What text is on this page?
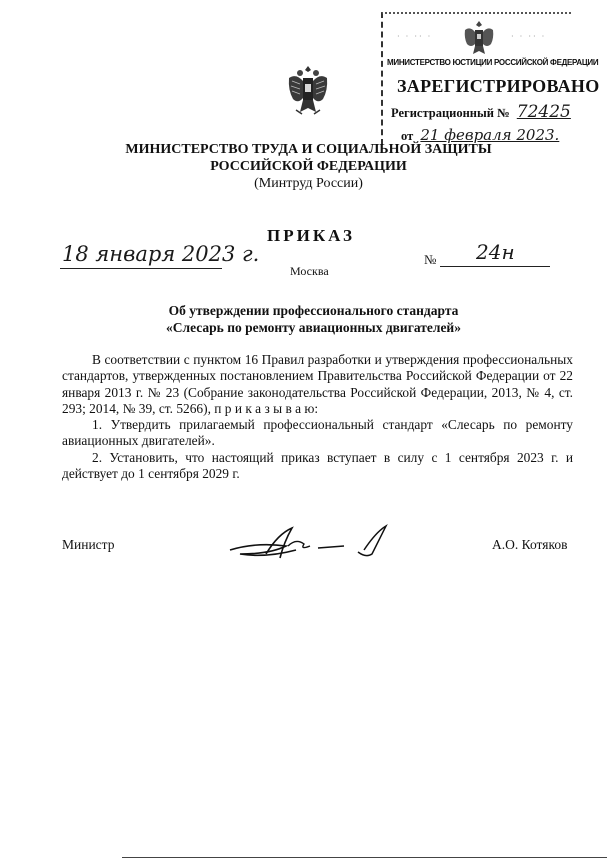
· · ·· ·	· · ·· ·
МИНИСТЕРСТВО ЮСТИЦИИ РОССИЙСКОЙ ФЕДЕРАЦИИ
ЗАРЕГИСТРИРОВАНО
Регистрационный № 72425
от 21 февраля 2023.
МИНИСТЕРСТВО ТРУДА И СОЦИАЛЬНОЙ ЗАЩИТЫ
РОССИЙСКОЙ ФЕДЕРАЦИИ
(Минтруд России)
ПРИКАЗ
18 января 2023 г.	№ 24н
Москва
Об утверждении профессионального стандарта
«Слесарь по ремонту авиационных двигателей»

В соответствии с пунктом 16 Правил разработки и утверждения профессиональных стандартов, утвержденных постановлением Правительства Российской Федерации от 22 января 2013 г. № 23 (Собрание законодательства Российской Федерации, 2013, № 4, ст. 293; 2014, № 39, ст. 5266), п р и к а з ы в а ю:

1. Утвердить прилагаемый профессиональный стандарт «Слесарь по ремонту авиационных двигателей».

2. Установить, что настоящий приказ вступает в силу с 1 сентября 2023 г. и действует до 1 сентября 2029 г.

Министр	А.О. Котяков
